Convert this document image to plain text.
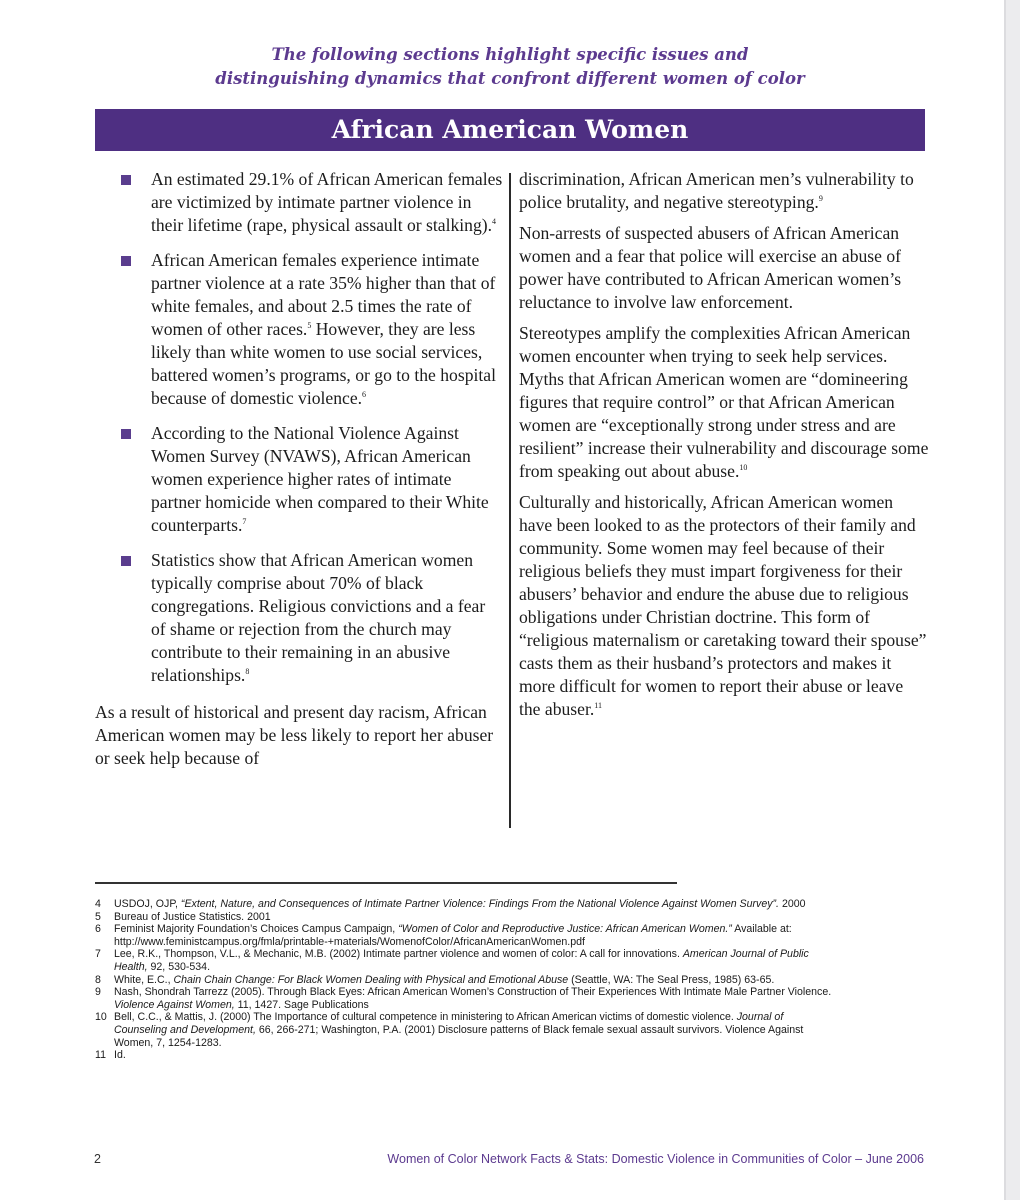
The following sections highlight specific issues and
distinguishing dynamics that confront different women of color
African American Women
An estimated 29.1% of African American females are victimized by intimate partner violence in their lifetime (rape, physical assault or stalking).$^4$
African American females experience intimate partner violence at a rate 35% higher than that of white females, and about 2.5 times the rate of women of other races.$^5$ However, they are less likely than white women to use social services, battered women’s programs, or go to the hospital because of domestic violence.$^6$
According to the National Violence Against Women Survey (NVAWS), African American women experience higher rates of intimate partner homicide when compared to their White counterparts.$^7$
Statistics show that African American women typically comprise about 70% of black congregations. Religious convictions and a fear of shame or rejection from the church may contribute to their remaining in an abusive relationships.$^8$

As a result of historical and present day racism, African American women may be less likely to report her abuser or seek help because of

discrimination, African American men’s vulnerability to police brutality, and negative stereotyping.$^9$

Non-arrests of suspected abusers of African American women and a fear that police will exercise an abuse of power have contributed to African American women’s reluctance to involve law enforcement.

Stereotypes amplify the complexities African American women encounter when trying to seek help services. Myths that African American women are “domineering figures that require control” or that African American women are “exceptionally strong under stress and are resilient” increase their vulnerability and discourage some from speaking out about abuse.$^{10}$

Culturally and historically, African American women have been looked to as the protectors of their family and community. Some women may feel because of their religious beliefs they must impart forgiveness for their abusers’ behavior and endure the abuse due to religious obligations under Christian doctrine. This form of “religious maternalism or caretaking toward their spouse” casts them as their husband’s protectors and makes it more difficult for women to report their abuse or leave the abuser.$^{11}$

4 USDOJ, OJP, “Extent, Nature, and Consequences of Intimate Partner Violence: Findings From the National Violence Against Women Survey”. 2000
5 Bureau of Justice Statistics. 2001
6 Feminist Majority Foundation’s Choices Campus Campaign, “Women of Color and Reproductive Justice: African American Women.” Available at: http://www.feministcampus.org/fmla/printable-+materials/WomenofColor/AfricanAmericanWomen.pdf
7 Lee, R.K., Thompson, V.L., & Mechanic, M.B. (2002) Intimate partner violence and women of color: A call for innovations. American Journal of Public Health, 92, 530-534.
8 White, E.C., Chain Chain Change: For Black Women Dealing with Physical and Emotional Abuse (Seattle, WA: The Seal Press, 1985) 63-65.
9 Nash, Shondrah Tarrezz (2005). Through Black Eyes: African American Women’s Construction of Their Experiences With Intimate Male Partner Violence. Violence Against Women, 11, 1427. Sage Publications
10 Bell, C.C., & Mattis, J. (2000) The Importance of cultural competence in ministering to African American victims of domestic violence. Journal of Counseling and Development, 66, 266-271; Washington, P.A. (2001) Disclosure patterns of Black female sexual assault survivors. Violence Against Women, 7, 1254-1283.
11 Id.
2	Women of Color Network Facts & Stats: Domestic Violence in Communities of Color – June 2006
